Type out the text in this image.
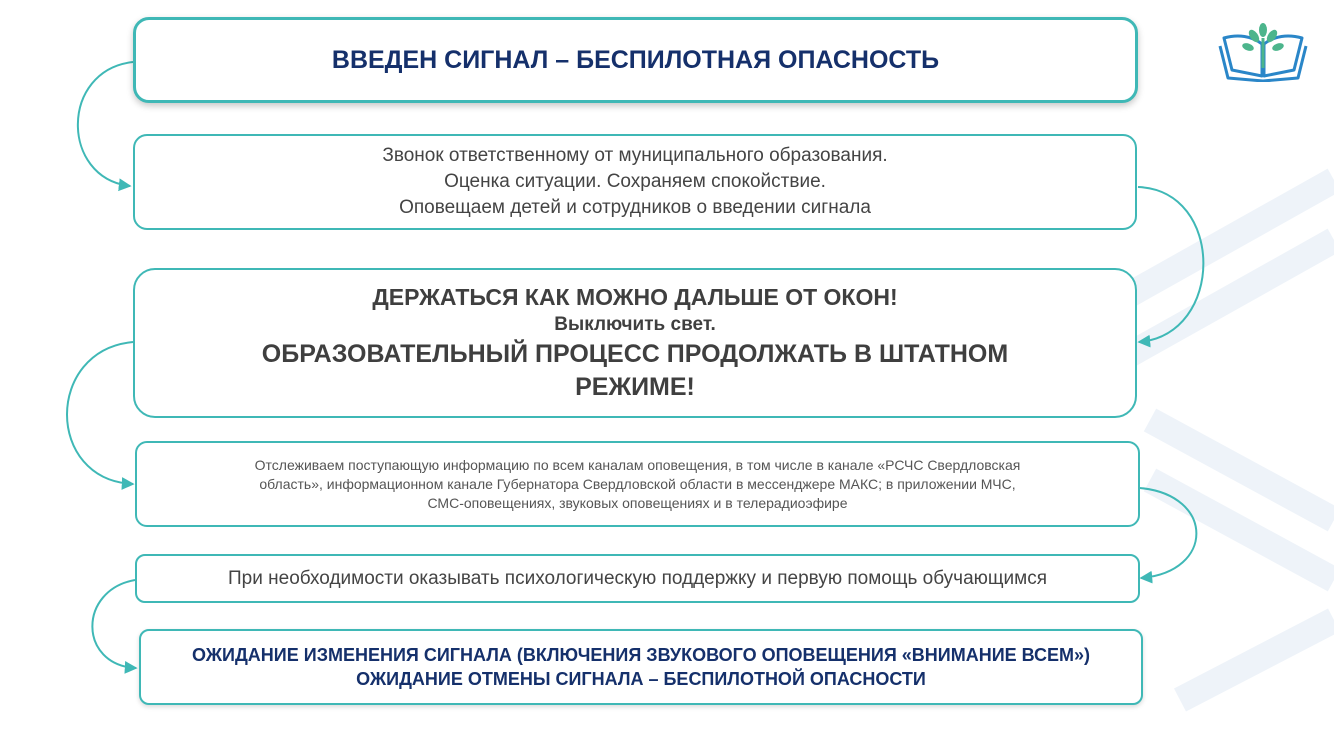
ВВЕДЕН СИГНАЛ – БЕСПИЛОТНАЯ ОПАСНОСТЬ
Звонок ответственному от муниципального образования.
Оценка ситуации. Сохраняем спокойствие.
Оповещаем детей и сотрудников о введении сигнала
ДЕРЖАТЬСЯ КАК МОЖНО ДАЛЬШЕ ОТ ОКОН!
Выключить свет.
ОБРАЗОВАТЕЛЬНЫЙ ПРОЦЕСС ПРОДОЛЖАТЬ В ШТАТНОМ
РЕЖИМЕ!
Отслеживаем поступающую информацию по всем каналам оповещения, в том числе в канале «РСЧС Свердловская
область», информационном канале Губернатора Свердловской области в мессенджере МАКС; в приложении МЧС,
СМС-оповещениях, звуковых оповещениях и в телерадиоэфире
При необходимости оказывать психологическую поддержку и первую помощь обучающимся
ОЖИДАНИЕ ИЗМЕНЕНИЯ СИГНАЛА (ВКЛЮЧЕНИЯ ЗВУКОВОГО ОПОВЕЩЕНИЯ «ВНИМАНИЕ ВСЕМ»)
ОЖИДАНИЕ ОТМЕНЫ СИГНАЛА – БЕСПИЛОТНОЙ ОПАСНОСТИ
